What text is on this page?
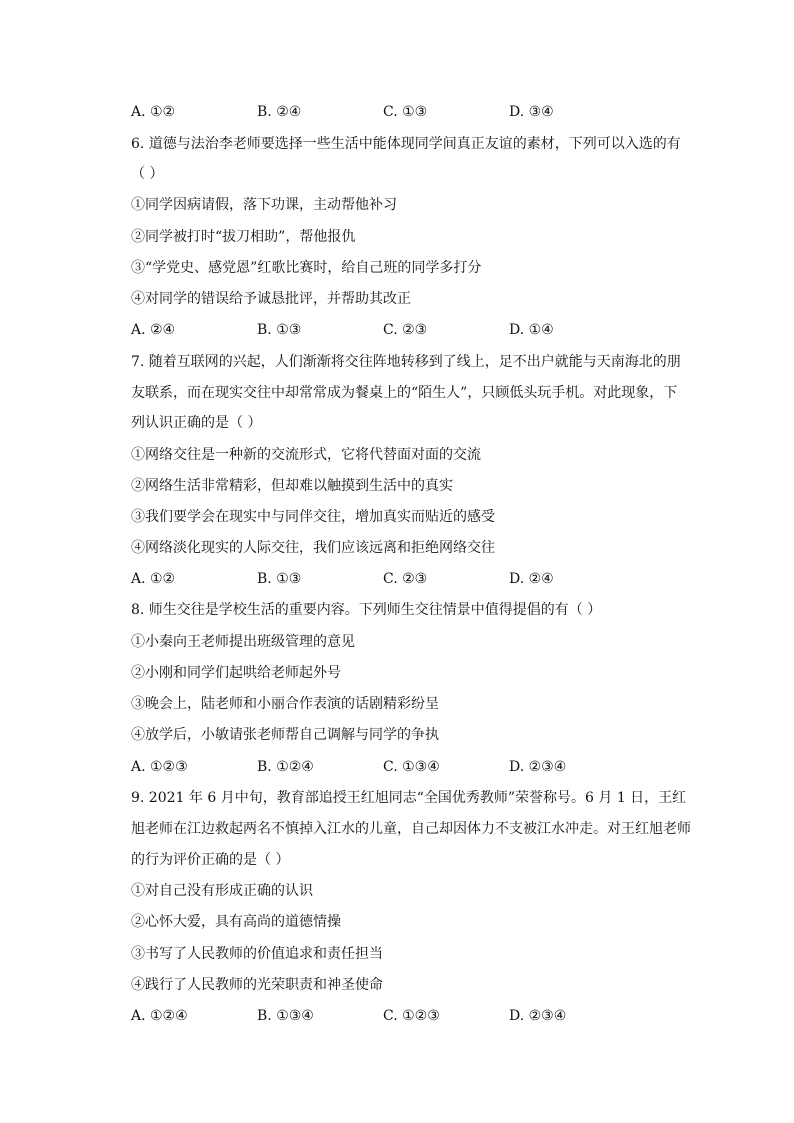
A. ①②	B. ②④	C. ①③	D. ③④
6. 道德与法治李老师要选择一些生活中能体现同学间真正友谊的素材，下列可以入选的有
（ ）
①同学因病请假，落下功课，主动帮他补习
②同学被打时“拔刀相助”，帮他报仇
③“学党史、感党恩”红歌比赛时，给自己班的同学多打分
④对同学的错误给予诚恳批评，并帮助其改正
A. ②④	B. ①③	C. ②③	D. ①④
7. 随着互联网的兴起，人们渐渐将交往阵地转移到了线上，足不出户就能与天南海北的朋
友联系，而在现实交往中却常常成为餐桌上的“陌生人”，只顾低头玩手机。对此现象，下
列认识正确的是（ ）
①网络交往是一种新的交流形式，它将代替面对面的交流
②网络生活非常精彩，但却难以触摸到生活中的真实
③我们要学会在现实中与同伴交往，增加真实而贴近的感受
④网络淡化现实的人际交往，我们应该远离和拒绝网络交往
A. ①②	B. ①③	C. ②③	D. ②④
8. 师生交往是学校生活的重要内容。下列师生交往情景中值得提倡的有（ ）
①小秦向王老师提出班级管理的意见
②小刚和同学们起哄给老师起外号
③晚会上，陆老师和小丽合作表演的话剧精彩纷呈
④放学后，小敏请张老师帮自己调解与同学的争执
A. ①②③	B. ①②④	C. ①③④	D. ②③④
9. 2021 年 6 月中旬，教育部追授王红旭同志“全国优秀教师”荣誉称号。6 月 1 日，王红
旭老师在江边救起两名不慎掉入江水的儿童，自己却因体力不支被江水冲走。对王红旭老师
的行为评价正确的是（ ）
①对自己没有形成正确的认识
②心怀大爱，具有高尚的道德情操
③书写了人民教师的价值追求和责任担当
④践行了人民教师的光荣职责和神圣使命
A. ①②④	B. ①③④	C. ①②③	D. ②③④
